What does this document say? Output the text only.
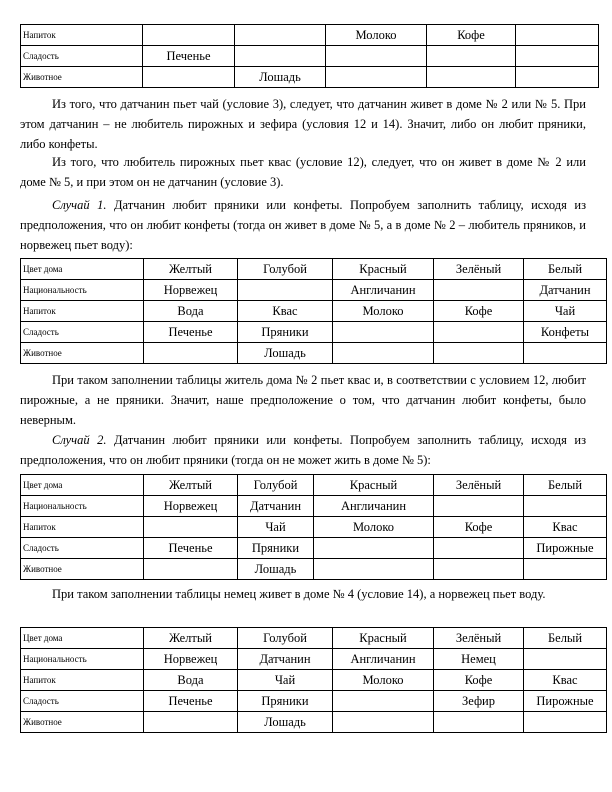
Напиток			Молоко	Кофе	
Сладость	Печенье				
Животное		Лошадь			

Из того, что датчанин пьет чай (условие 3), следует, что датчанин живет в доме № 2 или № 5. При этом датчанин – не любитель пирожных и зефира (условия 12 и 14). Значит, либо он любит пряники, либо конфеты.

Из того, что любитель пирожных пьет квас (условие 12), следует, что он живет в доме № 2 или доме № 5, и при этом он не датчанин (условие 3).

Случай 1. Датчанин любит пряники или конфеты. Попробуем заполнить таблицу, исходя из предположения, что он любит конфеты (тогда он живет в доме № 5, а в доме № 2 – любитель пряников, и норвежец пьет воду):

Цвет дома	Желтый	Голубой	Красный	Зелёный	Белый
Национальность	Норвежец		Англичанин		Датчанин
Напиток	Вода	Квас	Молоко	Кофе	Чай
Сладость	Печенье	Пряники			Конфеты
Животное		Лошадь			

При таком заполнении таблицы житель дома № 2 пьет квас и, в соответствии с условием 12, любит пирожные, а не пряники. Значит, наше предположение о том, что датчанин любит конфеты, было неверным.

Случай 2. Датчанин любит пряники или конфеты. Попробуем заполнить таблицу, исходя из предположения, что он любит пряники (тогда он не может жить в доме № 5):

Цвет дома	Желтый	Голубой	Красный	Зелёный	Белый
Национальность	Норвежец	Датчанин	Англичанин		
Напиток		Чай	Молоко	Кофе	Квас
Сладость	Печенье	Пряники			Пирожные
Животное		Лошадь			

При таком заполнении таблицы немец живет в доме № 4 (условие 14), а норвежец пьет воду.

Цвет дома	Желтый	Голубой	Красный	Зелёный	Белый
Национальность	Норвежец	Датчанин	Англичанин	Немец	
Напиток	Вода	Чай	Молоко	Кофе	Квас
Сладость	Печенье	Пряники		Зефир	Пирожные
Животное		Лошадь			
